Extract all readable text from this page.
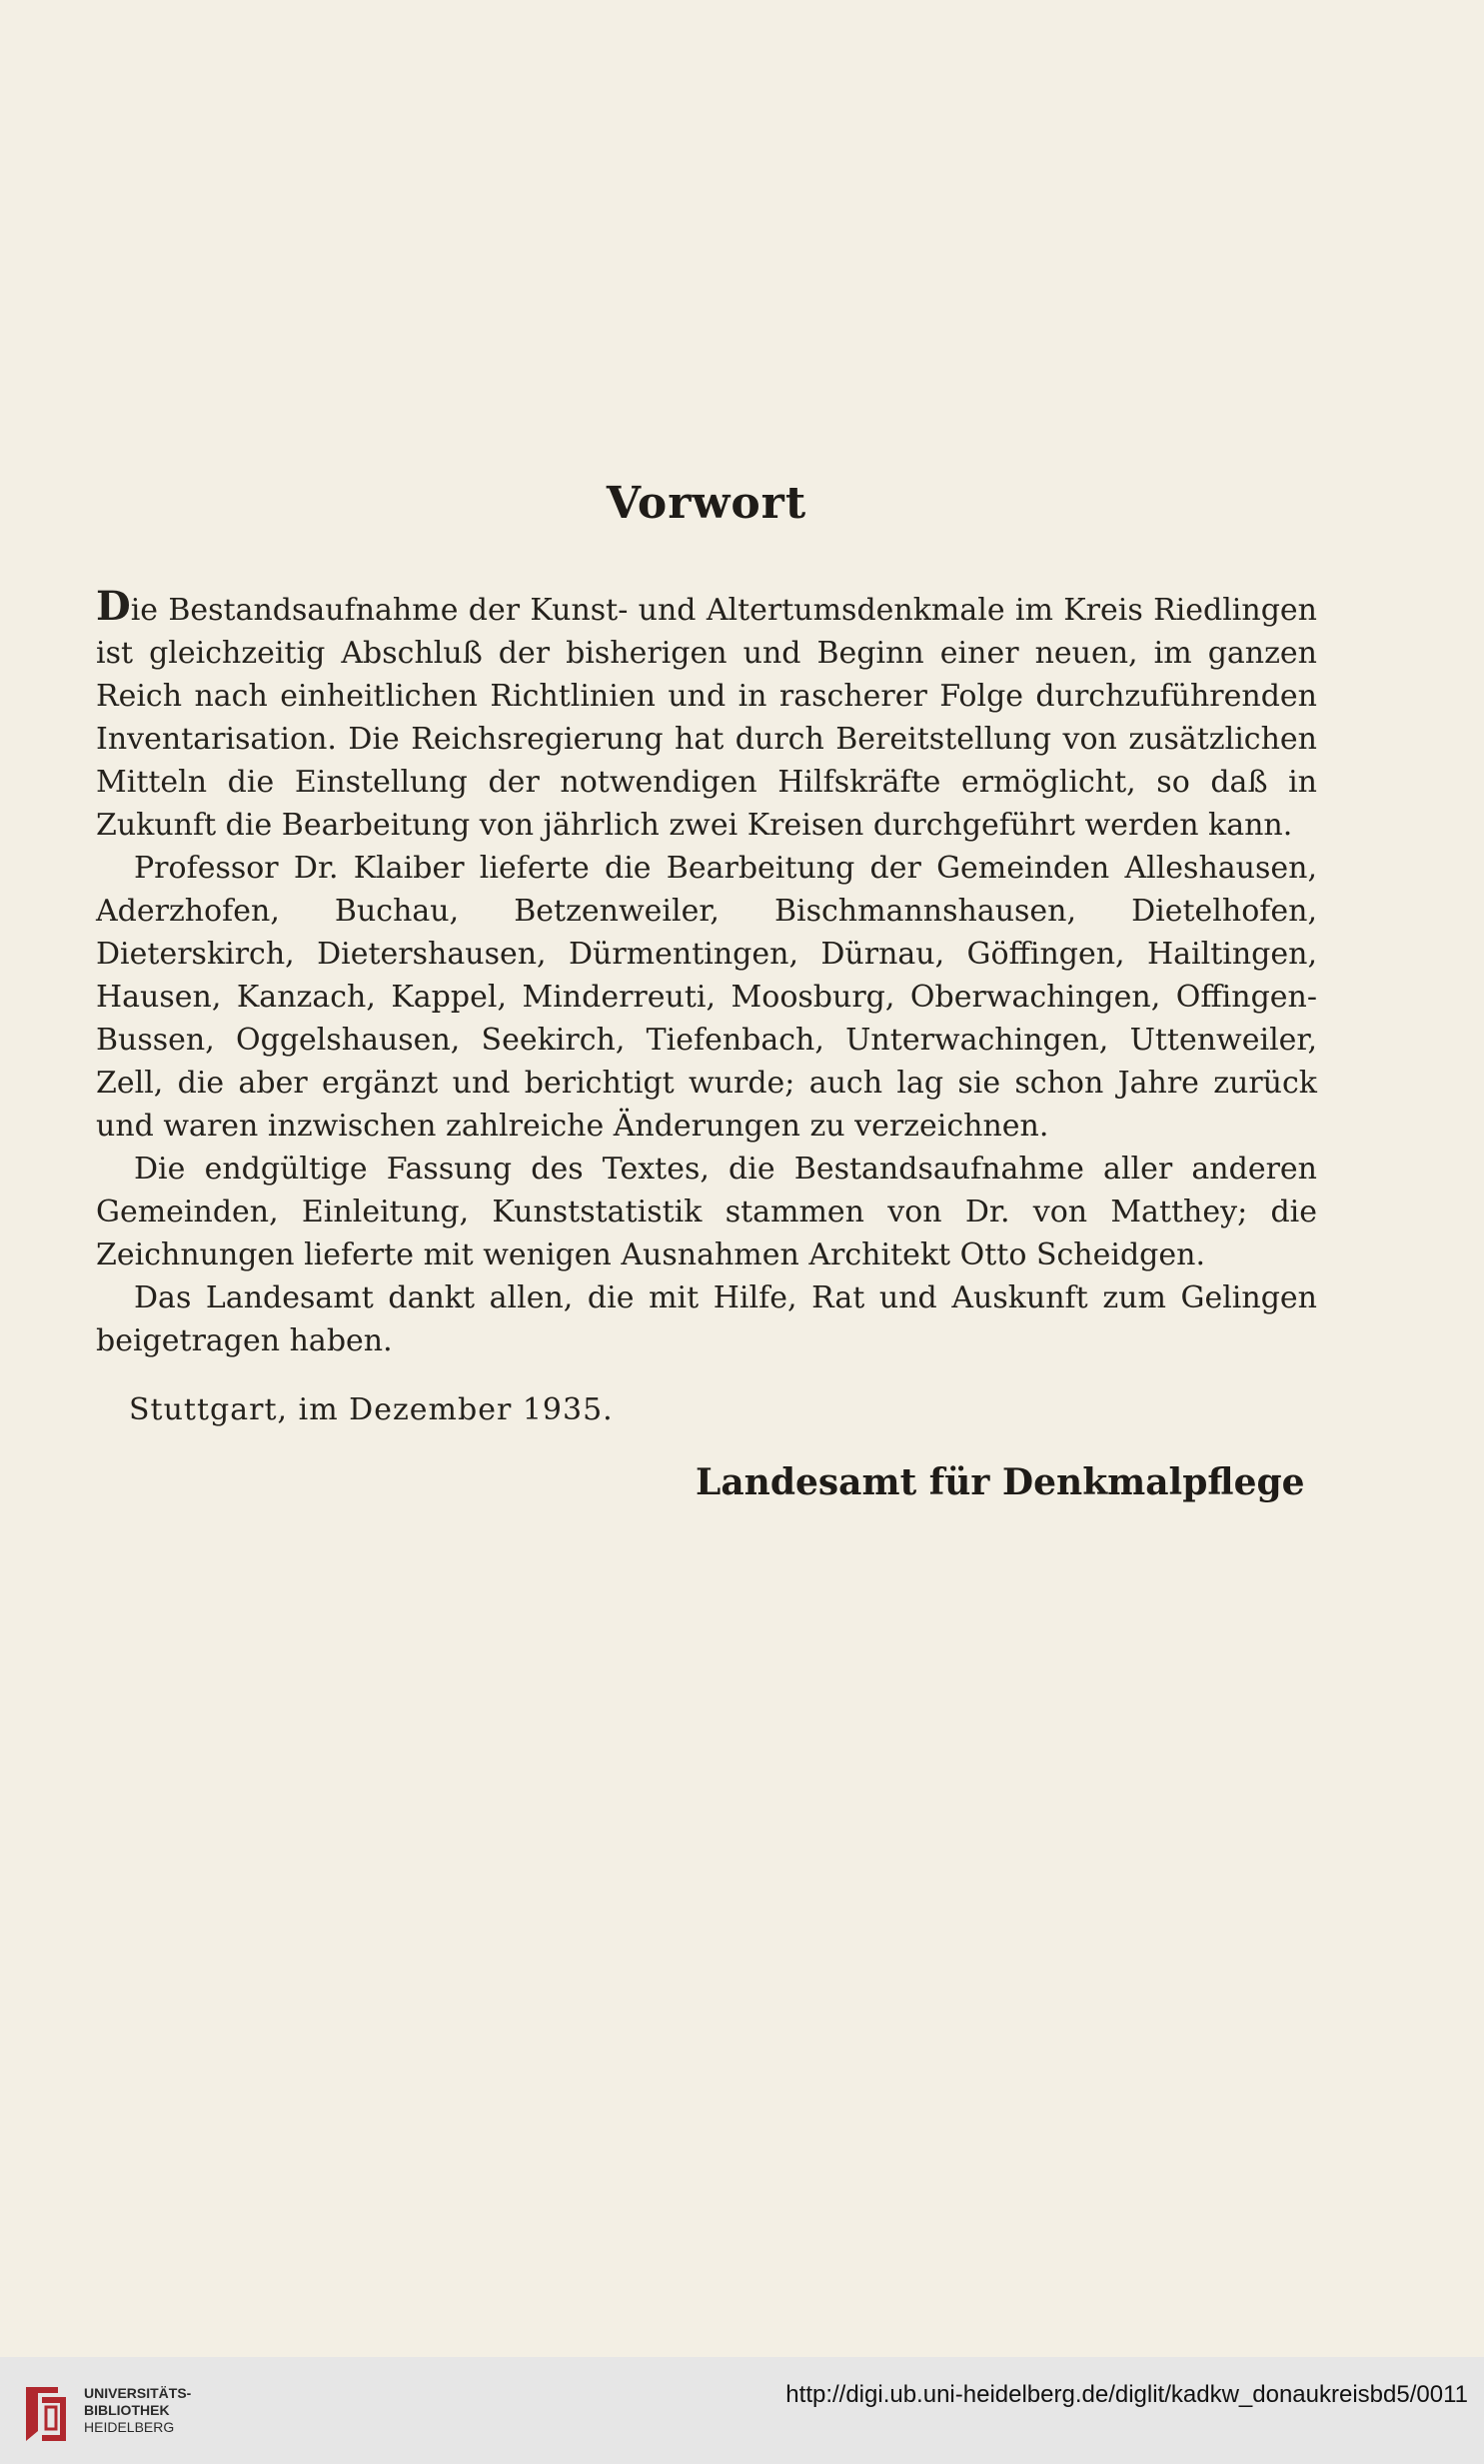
Vorwort

Die Bestandsaufnahme der Kunst- und Altertumsdenkmale im Kreis Riedlingen ist gleichzeitig Abschluß der bisherigen und Beginn einer neuen, im ganzen Reich nach einheitlichen Richtlinien und in rascherer Folge durchzuführenden Inventarisation. Die Reichsregierung hat durch Bereitstellung von zusätzlichen Mitteln die Einstellung der notwendigen Hilfskräfte ermöglicht, so daß in Zukunft die Bearbeitung von jährlich zwei Kreisen durchgeführt werden kann.

Professor Dr. Klaiber lieferte die Bearbeitung der Gemeinden Alleshausen, Aderzhofen, Buchau, Betzenweiler, Bischmannshausen, Dietelhofen, Dieterskirch, Dietershausen, Dürmentingen, Dürnau, Göffingen, Hailtingen, Hausen, Kanzach, Kappel, Minderreuti, Moosburg, Oberwachingen, Offingen-Bussen, Oggelshausen, Seekirch, Tiefenbach, Unterwachingen, Uttenweiler, Zell, die aber ergänzt und berichtigt wurde; auch lag sie schon Jahre zurück und waren inzwischen zahlreiche Änderungen zu verzeichnen.

Die endgültige Fassung des Textes, die Bestandsaufnahme aller anderen Gemeinden, Einleitung, Kunststatistik stammen von Dr. von Matthey; die Zeichnungen lieferte mit wenigen Ausnahmen Architekt Otto Scheidgen.

Das Landesamt dankt allen, die mit Hilfe, Rat und Auskunft zum Gelingen beigetragen haben.

Stuttgart, im Dezember 1935.
Landesamt für Denkmalpflege
UNIVERSITÄTS-
BIBLIOTHEK
HEIDELBERG
http://digi.ub.uni-heidelberg.de/diglit/kadkw_donaukreisbd5/0011
